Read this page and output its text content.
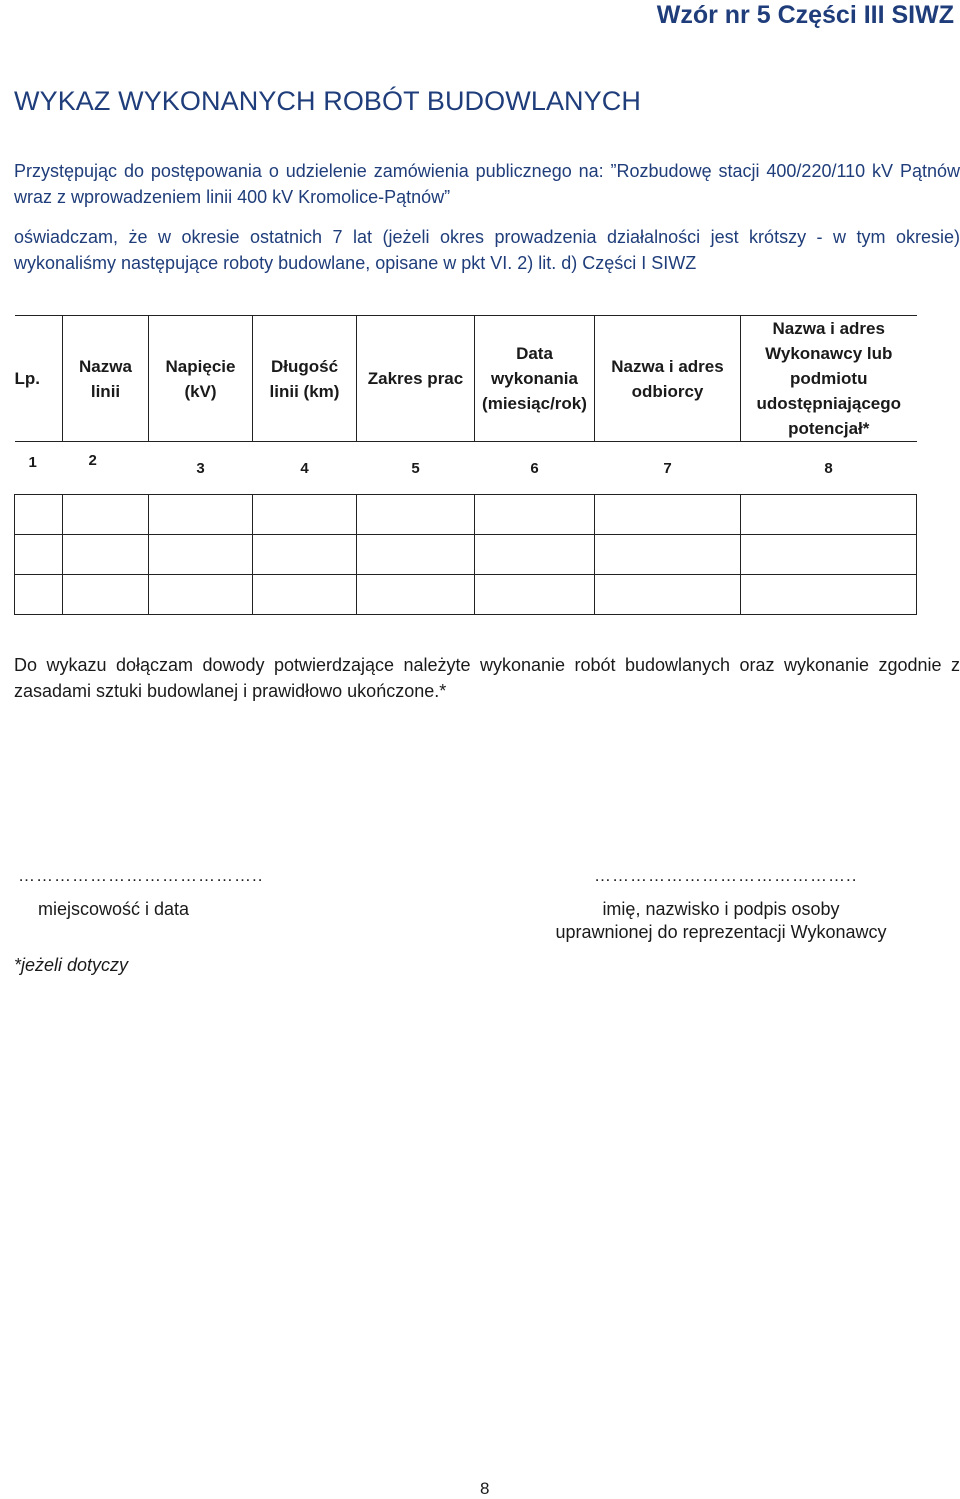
Wzór nr 5 Części III SIWZ
WYKAZ WYKONANYCH ROBÓT BUDOWLANYCH

Przystępując do postępowania o udzielenie zamówienia publicznego na: ”Rozbudowę stacji 400/220/110 kV Pątnów wraz z wprowadzeniem linii 400 kV Kromolice-Pątnów”

oświadczam, że w okresie ostatnich 7 lat (jeżeli okres prowadzenia działalności jest krótszy - w tym okresie) wykonaliśmy następujące roboty budowlane, opisane w pkt VI. 2) lit. d) Części I SIWZ

Lp.	Nazwa linii	Napięcie (kV)	Długość linii (km)	Zakres prac	Data wykonania (miesiąc/rok)	Nazwa i adres odbiorcy	Nazwa i adres Wykonawcy lub podmiotu udostępniającego potencjał*
1	2	3	4	5	6	7	8

Do wykazu dołączam dowody potwierdzające należyte wykonanie robót budowlanych oraz wykonanie zgodnie z zasadami sztuki budowlanej i prawidłowo ukończone.*

…………………………………..	……………………………………..
miejscowość i data	imię, nazwisko i podpis osoby
uprawnionej do reprezentacji Wykonawcy
*jeżeli dotyczy
8
